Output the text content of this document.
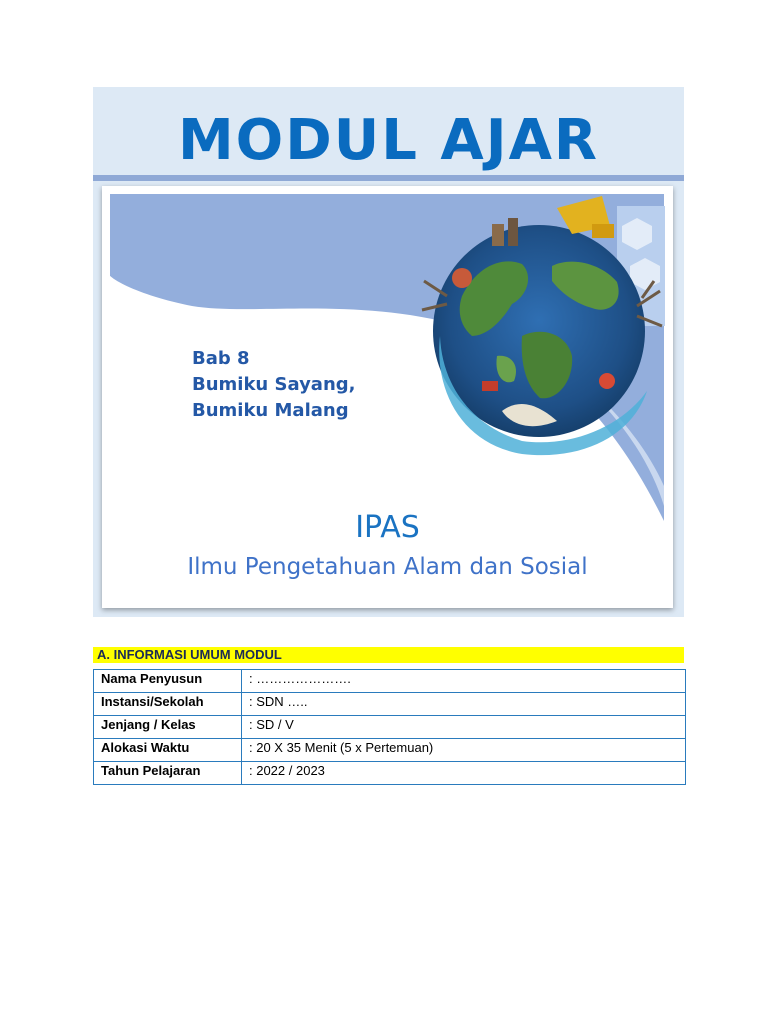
MODUL AJAR
Bab 8
Bumiku Sayang,
Bumiku Malang
IPAS
Ilmu Pengetahuan Alam dan Sosial
A. INFORMASI UMUM MODUL
Nama Penyusun	: ………………….
Instansi/Sekolah	: SDN …..
Jenjang / Kelas	: SD / V
Alokasi Waktu	: 20 X 35 Menit (5 x Pertemuan)
Tahun Pelajaran	: 2022 / 2023
